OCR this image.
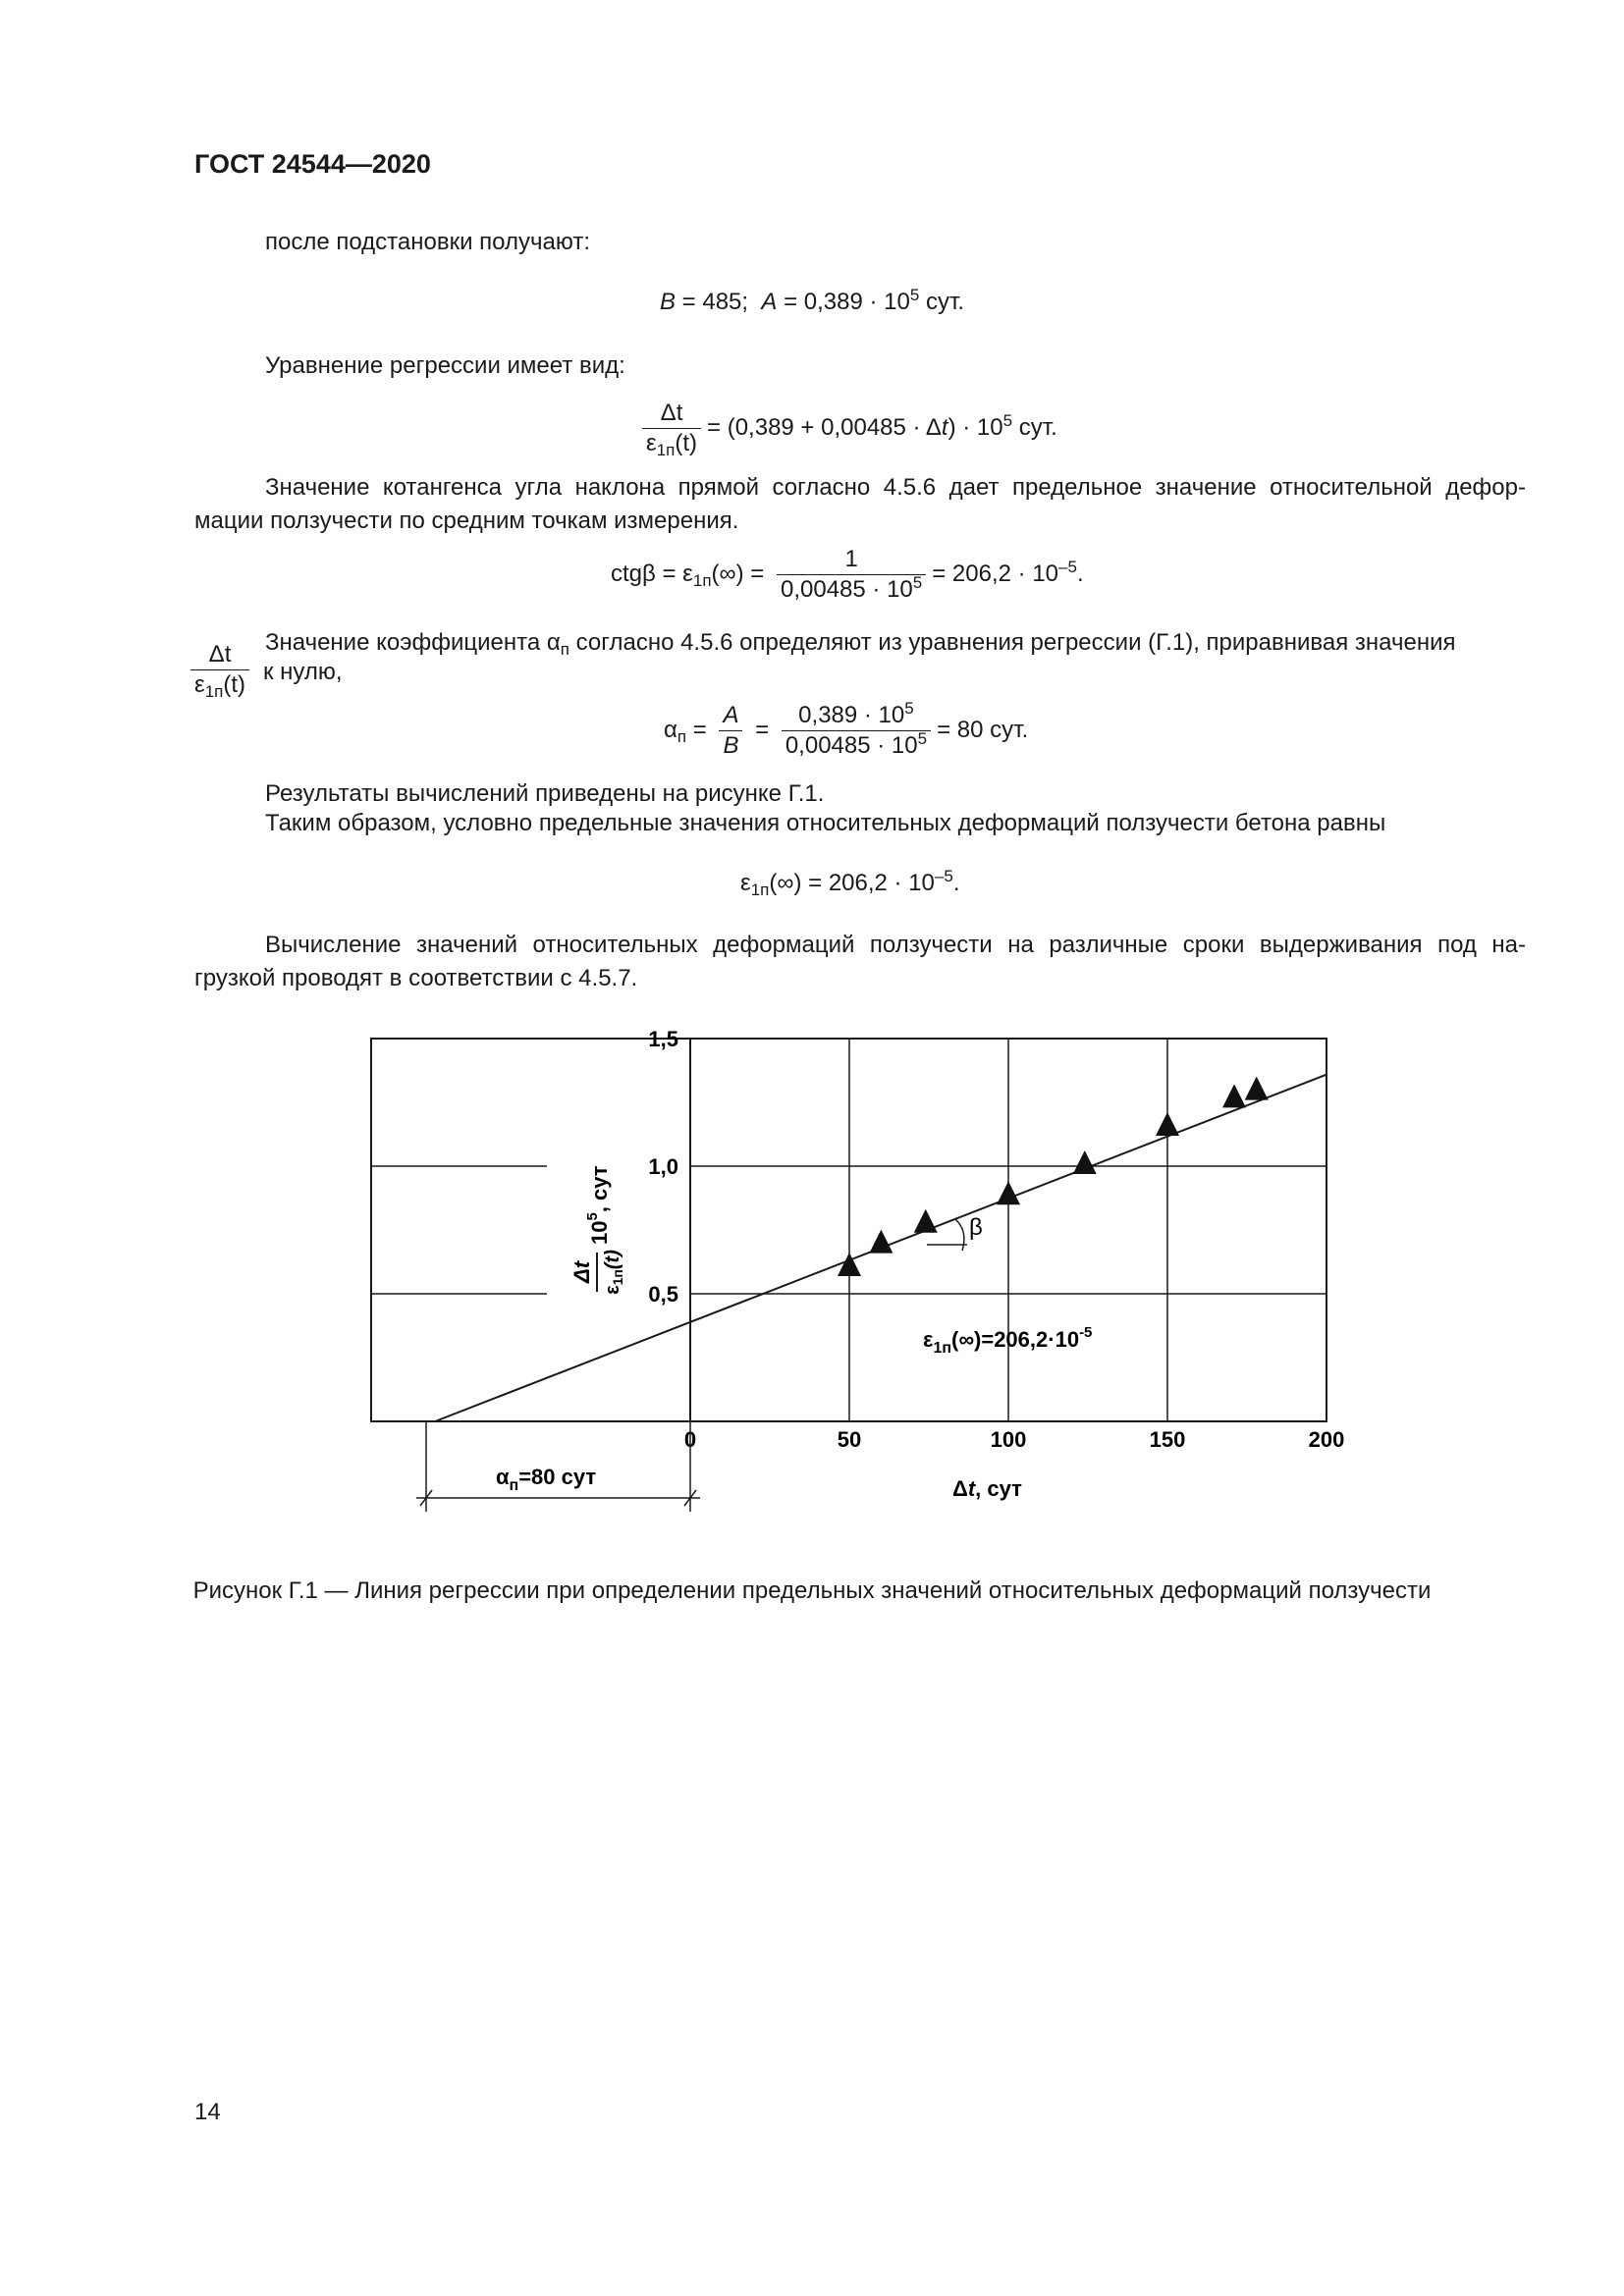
ГОСТ 24544—2020
после подстановки получают:
B = 485; $A = 0,389 \cdot 10^5$ сут.
Уравнение регрессии имеет вид:
$\frac{\Delta t}{\varepsilon_{1п}(t)} = (0,389 + 0,00485 \cdot \Delta t) \cdot 10^5$ сут.
Значение котангенса угла наклона прямой согласно 4.5.6 дает предельное значение относительной дефор-
мации ползучести по средним точкам измерения.
$ctg\beta = \varepsilon_{1п}(\infty) = \frac{1}{0,00485 \cdot 10^5} = 206,2 \cdot 10^{-5}$.
$\frac{\Delta t}{\varepsilon_{1п}(t)}$ Значение коэффициента $\alpha_п$ согласно 4.5.6 определяют из уравнения регрессии (Г.1), приравнивая значения
к нулю,
$\alpha_п = \frac{A}{B} = \frac{0,389 \cdot 10^5}{0,00485 \cdot 10^5} = 80$ сут.
Результаты вычислений приведены на рисунке Г.1.
Таким образом, условно предельные значения относительных деформаций ползучести бетона равны
$\varepsilon_{1п}(\infty) = 206,2 \cdot 10^{-5}$.
Вычисление значений относительных деформаций ползучести на различные сроки выдерживания под на-
грузкой проводят в соответствии с 4.5.7.
β
0	50	100	150	200
0,5
1,0
1,5
$\varepsilon_{1п}(\infty)=206,2\cdot 10^{-5}$
Δt, сут
Δt
$\varepsilon_{1п}(t)$
$10^5$, сут
$\alpha_п=80$ сут
Рисунок Г.1 — Линия регрессии при определении предельных значений относительных деформаций ползучести
14
